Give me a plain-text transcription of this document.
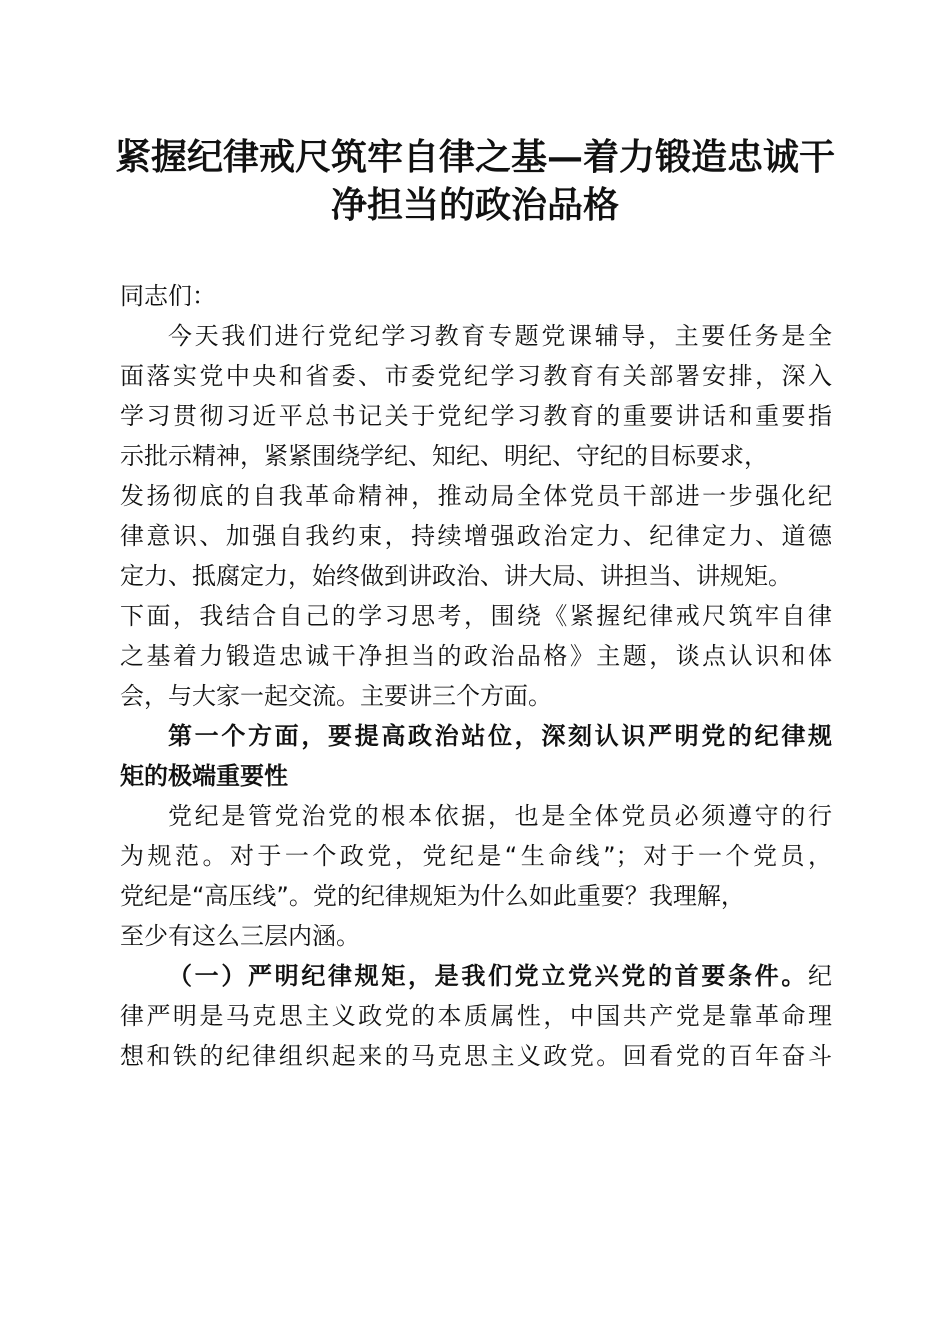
紧握纪律戒尺筑牢自律之基—着力锻造忠诚干
净担当的政治品格
同志们：
今天我们进行党纪学习教育专题党课辅导，主要任务是全
面落实党中央和省委、市委党纪学习教育有关部署安排，深入
学习贯彻习近平总书记关于党纪学习教育的重要讲话和重要指
示批示精神，紧紧围绕学纪、知纪、明纪、守纪的目标要求，
发扬彻底的自我革命精神，推动局全体党员干部进一步强化纪
律意识、加强自我约束，持续增强政治定力、纪律定力、道德
定力、抵腐定力，始终做到讲政治、讲大局、讲担当、讲规矩。
下面，我结合自己的学习思考，围绕《紧握纪律戒尺筑牢自律
之基着力锻造忠诚干净担当的政治品格》主题，谈点认识和体
会，与大家一起交流。主要讲三个方面。
第一个方面，要提高政治站位，深刻认识严明党的纪律规
矩的极端重要性
党纪是管党治党的根本依据，也是全体党员必须遵守的行
为规范。对于一个政党，党纪是“生命线”；对于一个党员，
党纪是“高压线”。党的纪律规矩为什么如此重要？我理解，
至少有这么三层内涵。
（一）严明纪律规矩，是我们党立党兴党的首要条件。纪
律严明是马克思主义政党的本质属性，中国共产党是靠革命理
想和铁的纪律组织起来的马克思主义政党。回看党的百年奋斗
